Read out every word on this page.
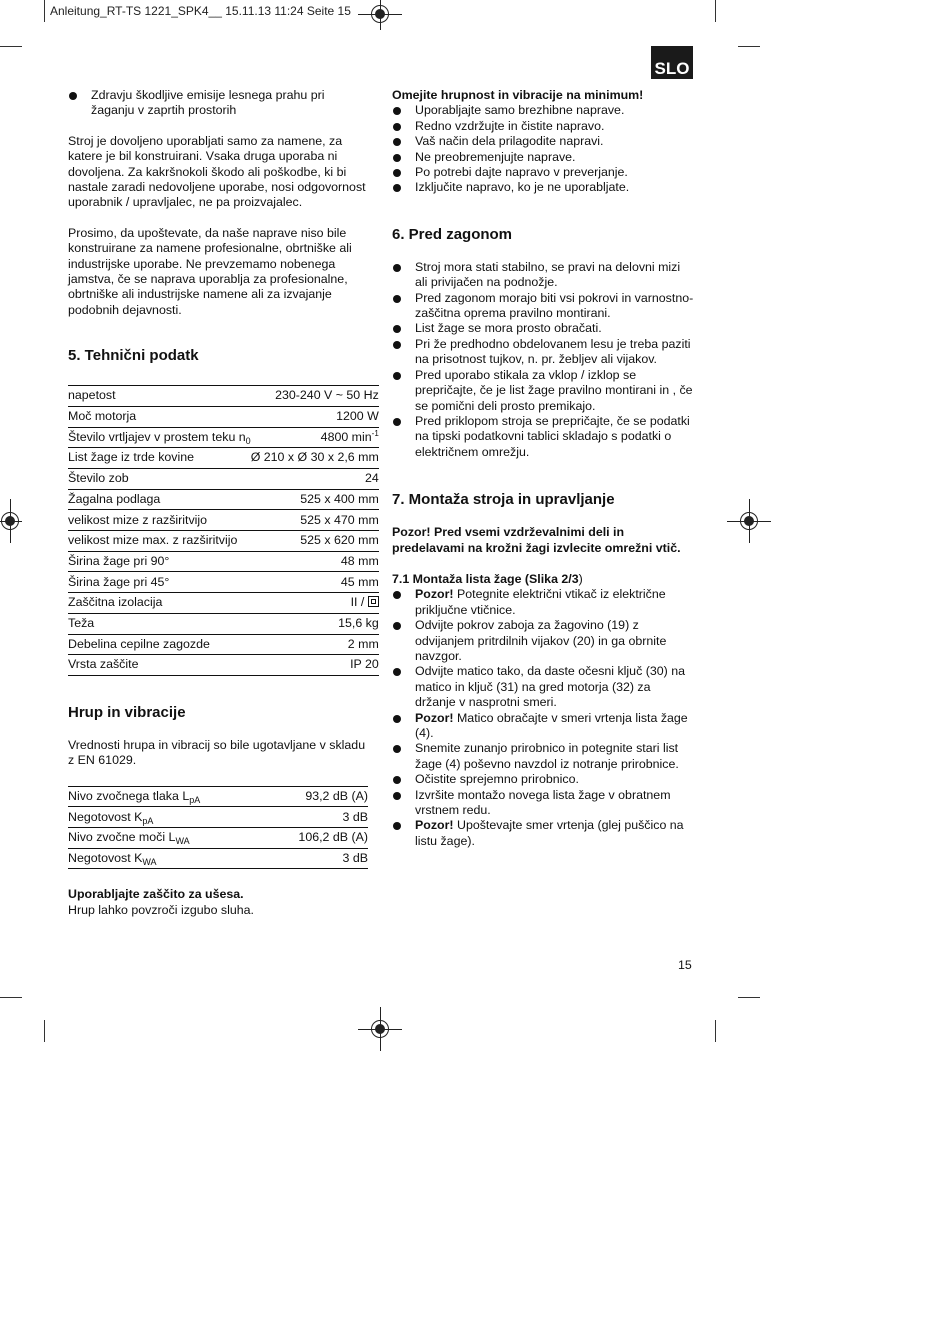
Anleitung_RT-TS 1221_SPK4__ 15.11.13 11:24 Seite 15
SLO

Zdravju škodljive emisije lesnega prahu pri žaganju v zaprtih prostorih

Stroj je dovoljeno uporabljati samo za namene, za katere je bil konstruirani. Vsaka druga uporaba ni dovoljena. Za kakršnokoli škodo ali poškodbe, ki bi nastale zaradi nedovoljene uporabe, nosi odgovornost uporabnik / upravljalec, ne pa proizvajalec.

Prosimo, da upoštevate, da naše naprave niso bile konstruirane za namene profesionalne, obrtniške ali industrijske uporabe. Ne prevzemamo nobenega jamstva, če se naprava uporablja za profesionalne, obrtniške ali industrijske namene ali za izvajanje podobnih dejavnosti.

5. Tehnični podatk
napetost	230-240 V ~ 50 Hz
Moč motorja	1200 W
Število vrtljajev v prostem teku $n_0$	4800 $\min^{-1}$
List žage iz trde kovine	Ø 210 x Ø 30 x 2,6 mm
Število zob	24
Žagalna podlaga	525 x 400 mm
velikost mize z razširitvijo	525 x 470 mm
velikost mize max. z razširitvijo	525 x 620 mm
Širina žage pri 90°	48 mm
Širina žage pri 45°	45 mm
Zaščitna izolacija	II /
Teža	15,6 kg
Debelina cepilne zagozde	2 mm
Vrsta zaščite	IP 20
Hrup in vibracije

Vrednosti hrupa in vibracij so bile ugotavljane v skladu z EN 61029.

Nivo zvočnega tlaka $L_{pA}$	93,2 dB (A)
Negotovost $K_{pA}$	3 dB
Nivo zvočne moči $L_{WA}$	106,2 dB (A)
Negotovost $K_{WA}$	3 dB

Uporabljajte zaščito za ušesa.

Hrup lahko povzroči izgubo sluha.

Omejite hrupnost in vibracije na minimum!

Uporabljajte samo brezhibne naprave.

Redno vzdržujte in čistite napravo.

Vaš način dela prilagodite napravi.

Ne preobremenjujte naprave.

Po potrebi dajte napravo v preverjanje.

Izključite napravo, ko je ne uporabljate.

6. Pred zagonom

Stroj mora stati stabilno, se pravi na delovni mizi ali privijačen na podnožje.

Pred zagonom morajo biti vsi pokrovi in varnostno-zaščitna oprema pravilno montirani.

List žage se mora prosto obračati.

Pri že predhodno obdelovanem lesu je treba paziti na prisotnost tujkov, n. pr. žebljev ali vijakov.

Pred uporabo stikala za vklop / izklop se prepričajte, če je list žage pravilno montirani in , če se pomični deli prosto premikajo.

Pred priklopom stroja se prepričajte, če se podatki na tipski podatkovni tablici skladajo s podatki o električnem omrežju.

7. Montaža stroja in upravljanje

Pozor! Pred vsemi vzdrževalnimi deli in predelavami na krožni žagi izvlecite omrežni vtič.

7.1 Montaža lista žage (Slika 2/3)

Pozor! Potegnite električni vtikač iz električne priključne vtičnice.

Odvijte pokrov zaboja za žagovino (19) z odvijanjem pritrdilnih vijakov (20) in ga obrnite navzgor.

Odvijte matico tako, da daste očesni ključ (30) na matico in ključ (31) na gred motorja (32) za držanje v nasprotni smeri.

Pozor! Matico obračajte v smeri vrtenja lista žage (4).

Snemite zunanjo prirobnico in potegnite stari list žage (4) poševno navzdol iz notranje prirobnice.

Očistite sprejemno prirobnico.

Izvršite montažo novega lista žage v obratnem vrstnem redu.

Pozor! Upoštevajte smer vrtenja (glej puščico na listu žage).

15
